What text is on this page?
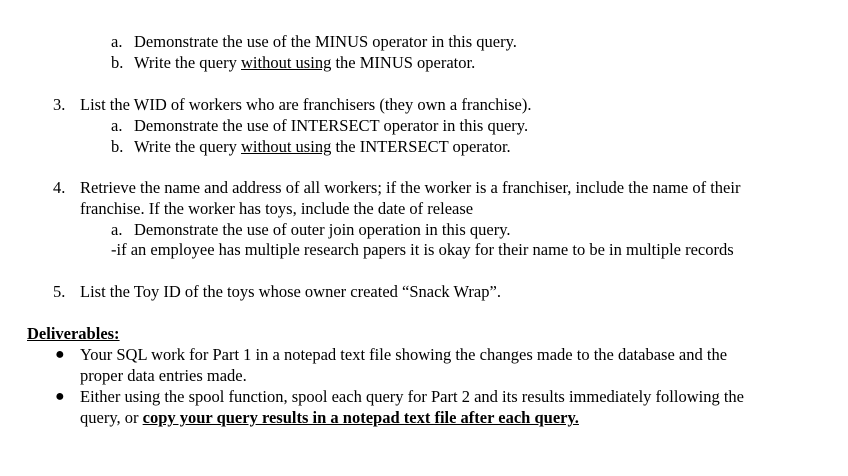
a. Demonstrate the use of the MINUS operator in this query.
b. Write the query without using the MINUS operator.
3. List the WID of workers who are franchisers (they own a franchise).
a. Demonstrate the use of INTERSECT operator in this query.
b. Write the query without using the INTERSECT operator.
4. Retrieve the name and address of all workers; if the worker is a franchiser, include the name of their
franchise. If the worker has toys, include the date of release
a. Demonstrate the use of outer join operation in this query.
-if an employee has multiple research papers it is okay for their name to be in multiple records
5. List the Toy ID of the toys whose owner created “Snack Wrap”.
Deliverables:
● Your SQL work for Part 1 in a notepad text file showing the changes made to the database and the
proper data entries made.
● Either using the spool function, spool each query for Part 2 and its results immediately following the
query, or copy your query results in a notepad text file after each query.
